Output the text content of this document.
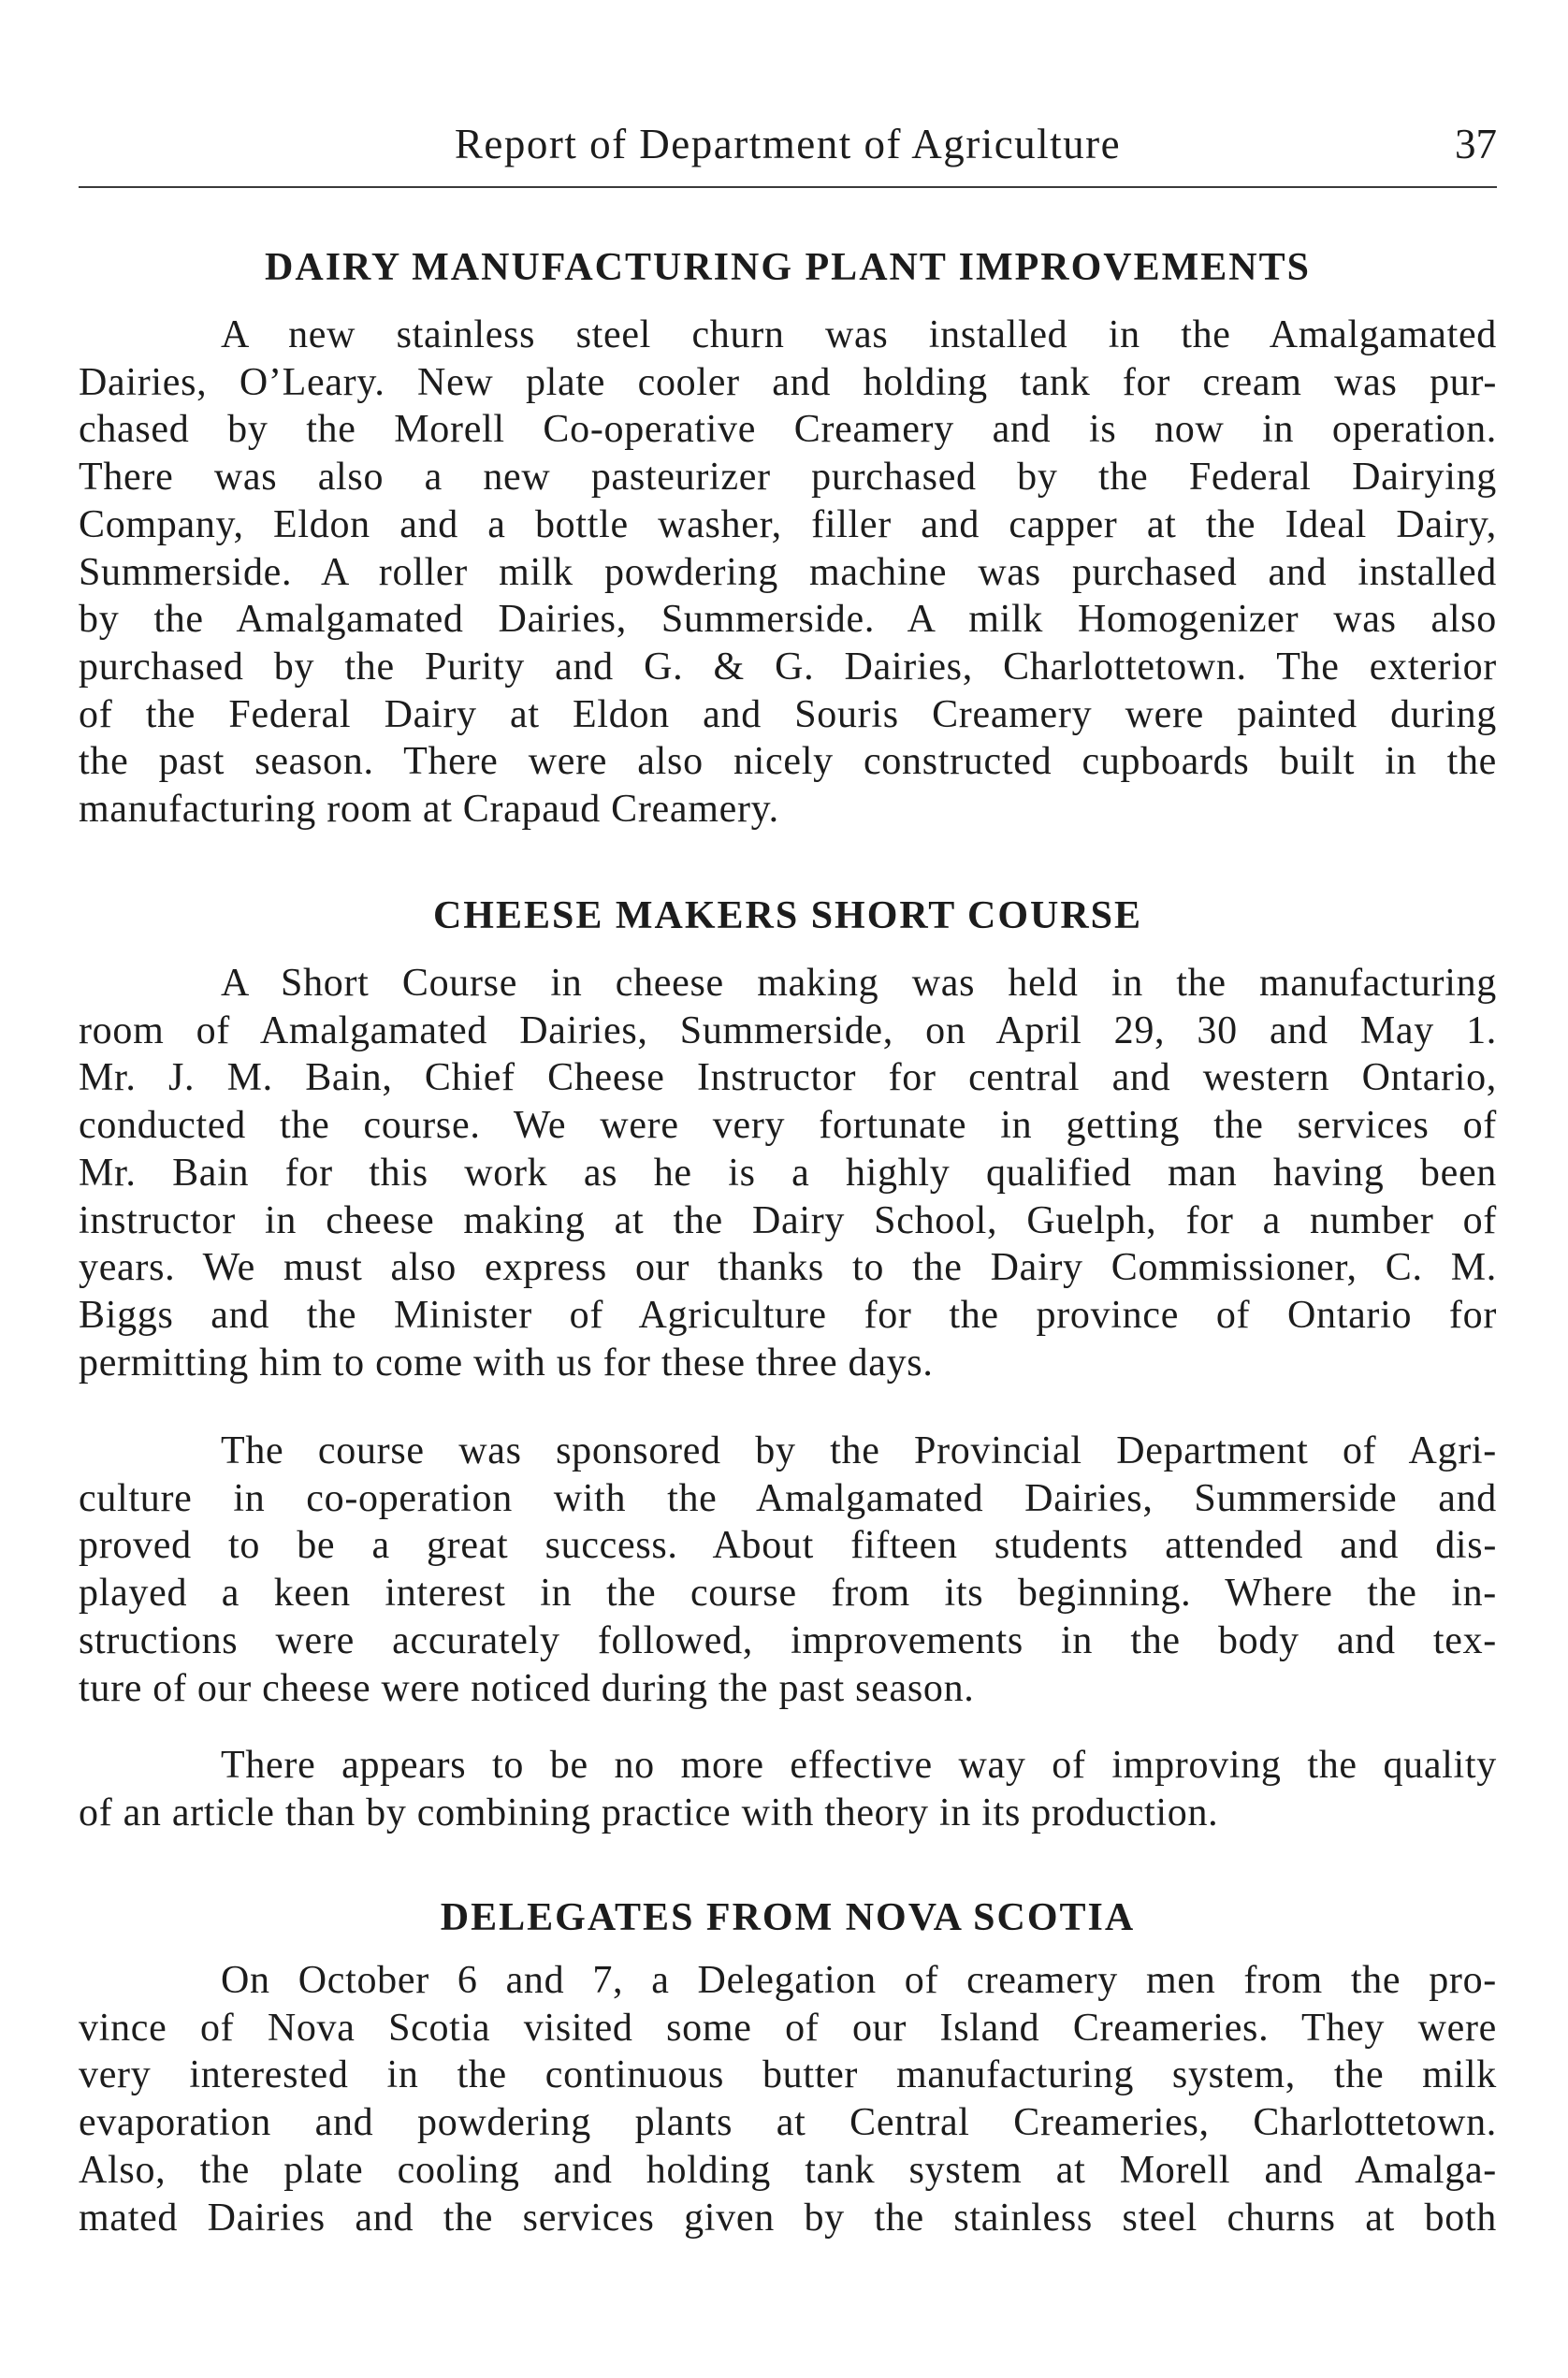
Report of Department of Agriculture	37
DAIRY MANUFACTURING PLANT IMPROVEMENTS
A new stainless steel churn was installed in the Amalgamated
Dairies, O’Leary. New plate cooler and holding tank for cream was pur-
chased by the Morell Co-operative Creamery and is now in operation.
There was also a new pasteurizer purchased by the Federal Dairying
Company, Eldon and a bottle washer, filler and capper at the Ideal Dairy,
Summerside. A roller milk powdering machine was purchased and installed
by the Amalgamated Dairies, Summerside. A milk Homogenizer was also
purchased by the Purity and G. & G. Dairies, Charlottetown. The exterior
of the Federal Dairy at Eldon and Souris Creamery were painted during
the past season. There were also nicely constructed cupboards built in the
manufacturing room at Crapaud Creamery.
CHEESE MAKERS SHORT COURSE
A Short Course in cheese making was held in the manufacturing
room of Amalgamated Dairies, Summerside, on April 29, 30 and May 1.
Mr. J. M. Bain, Chief Cheese Instructor for central and western Ontario,
conducted the course. We were very fortunate in getting the services of
Mr. Bain for this work as he is a highly qualified man having been
instructor in cheese making at the Dairy School, Guelph, for a number of
years. We must also express our thanks to the Dairy Commissioner, C. M.
Biggs and the Minister of Agriculture for the province of Ontario for
permitting him to come with us for these three days.
The course was sponsored by the Provincial Department of Agri-
culture in co-operation with the Amalgamated Dairies, Summerside and
proved to be a great success. About fifteen students attended and dis-
played a keen interest in the course from its beginning. Where the in-
structions were accurately followed, improvements in the body and tex-
ture of our cheese were noticed during the past season.
There appears to be no more effective way of improving the quality
of an article than by combining practice with theory in its production.
DELEGATES FROM NOVA SCOTIA
On October 6 and 7, a Delegation of creamery men from the pro-
vince of Nova Scotia visited some of our Island Creameries. They were
very interested in the continuous butter manufacturing system, the milk
evaporation and powdering plants at Central Creameries, Charlottetown.
Also, the plate cooling and holding tank system at Morell and Amalga-
mated Dairies and the services given by the stainless steel churns at both
